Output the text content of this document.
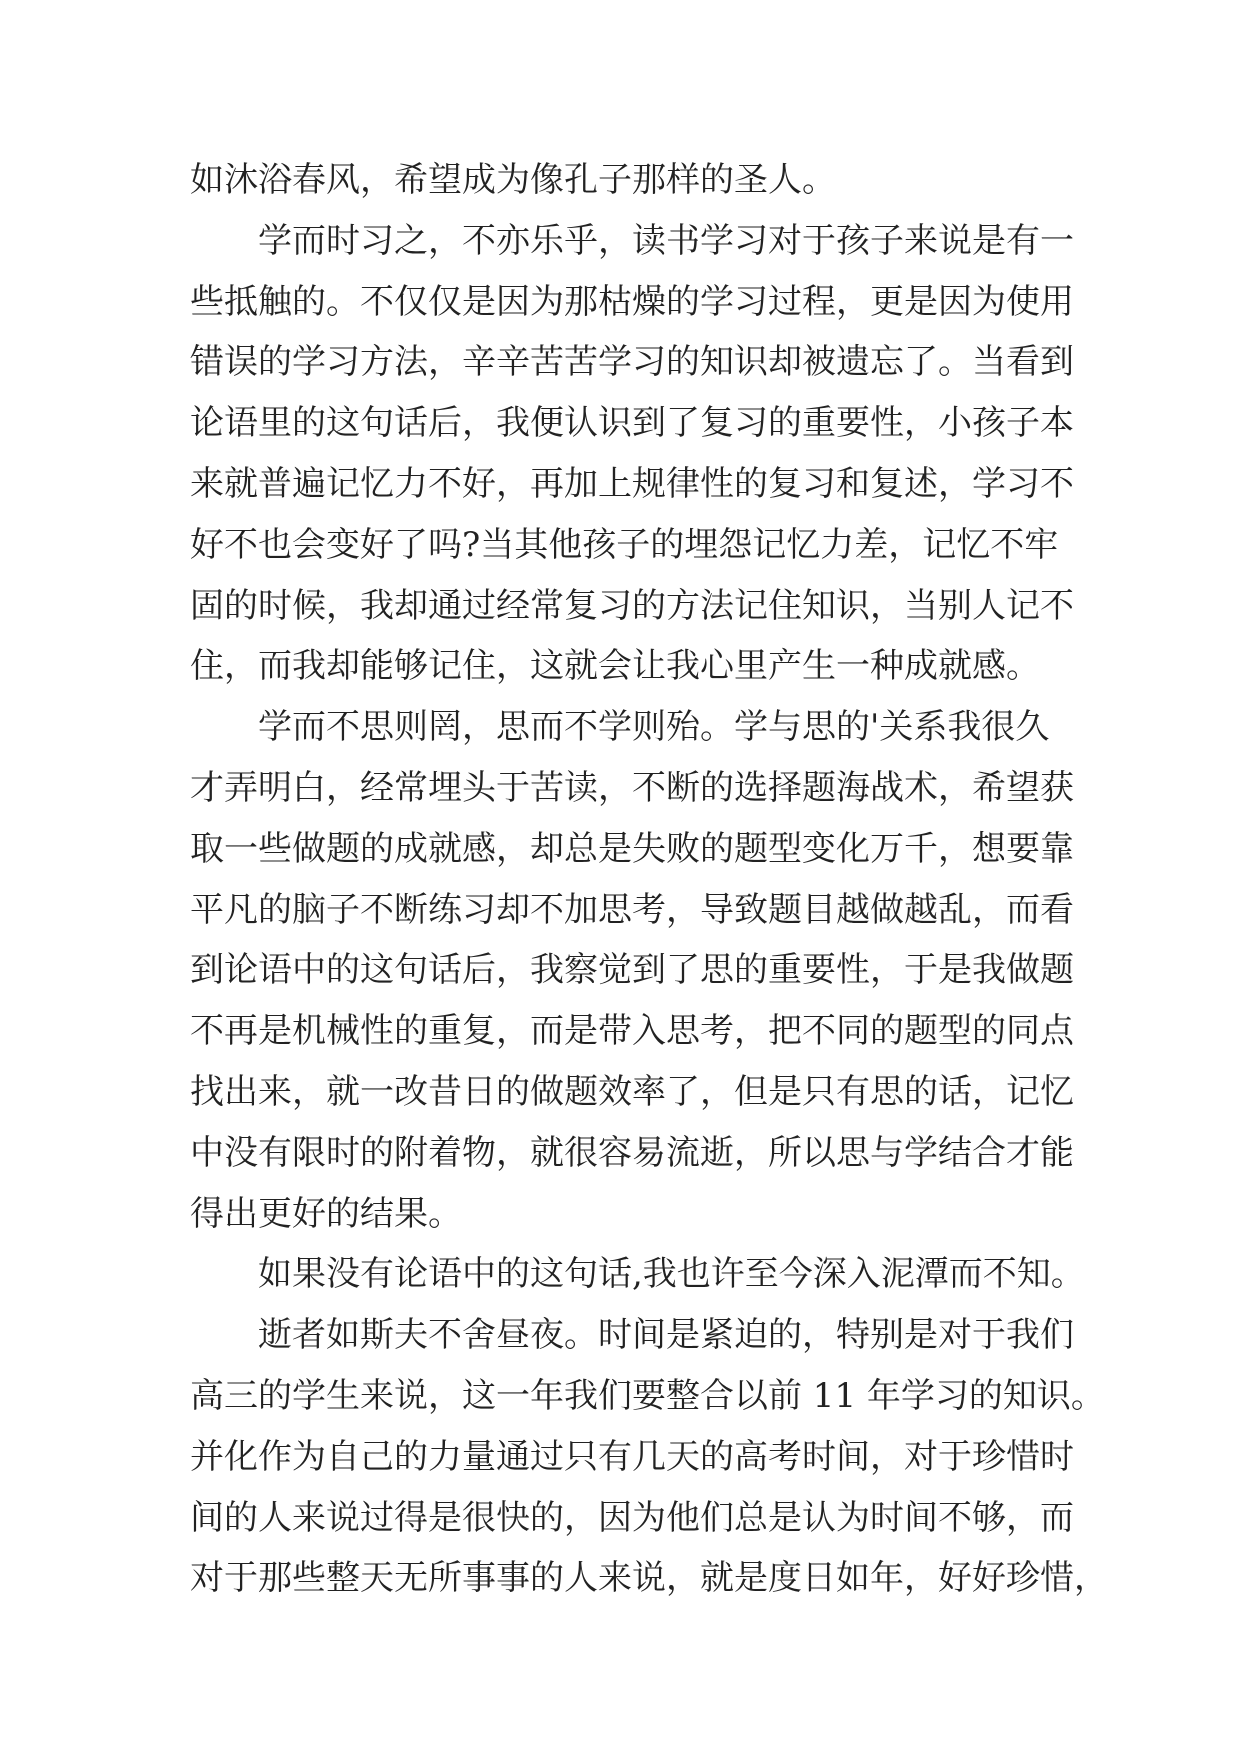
如沐浴春风，希望成为像孔子那样的圣人。
学而时习之，不亦乐乎，读书学习对于孩子来说是有一
些抵触的。不仅仅是因为那枯燥的学习过程，更是因为使用
错误的学习方法，辛辛苦苦学习的知识却被遗忘了。当看到
论语里的这句话后，我便认识到了复习的重要性，小孩子本
来就普遍记忆力不好，再加上规律性的复习和复述，学习不
好不也会变好了吗?当其他孩子的埋怨记忆力差，记忆不牢
固的时候，我却通过经常复习的方法记住知识，当别人记不
住，而我却能够记住，这就会让我心里产生一种成就感。
学而不思则罔，思而不学则殆。学与思的'关系我很久
才弄明白，经常埋头于苦读，不断的选择题海战术，希望获
取一些做题的成就感，却总是失败的题型变化万千，想要靠
平凡的脑子不断练习却不加思考，导致题目越做越乱，而看
到论语中的这句话后，我察觉到了思的重要性，于是我做题
不再是机械性的重复，而是带入思考，把不同的题型的同点
找出来，就一改昔日的做题效率了，但是只有思的话，记忆
中没有限时的附着物，就很容易流逝，所以思与学结合才能
得出更好的结果。
如果没有论语中的这句话,我也许至今深入泥潭而不知。
逝者如斯夫不舍昼夜。时间是紧迫的，特别是对于我们
高三的学生来说，这一年我们要整合以前 11 年学习的知识。
并化作为自己的力量通过只有几天的高考时间，对于珍惜时
间的人来说过得是很快的，因为他们总是认为时间不够，而
对于那些整天无所事事的人来说，就是度日如年，好好珍惜，
